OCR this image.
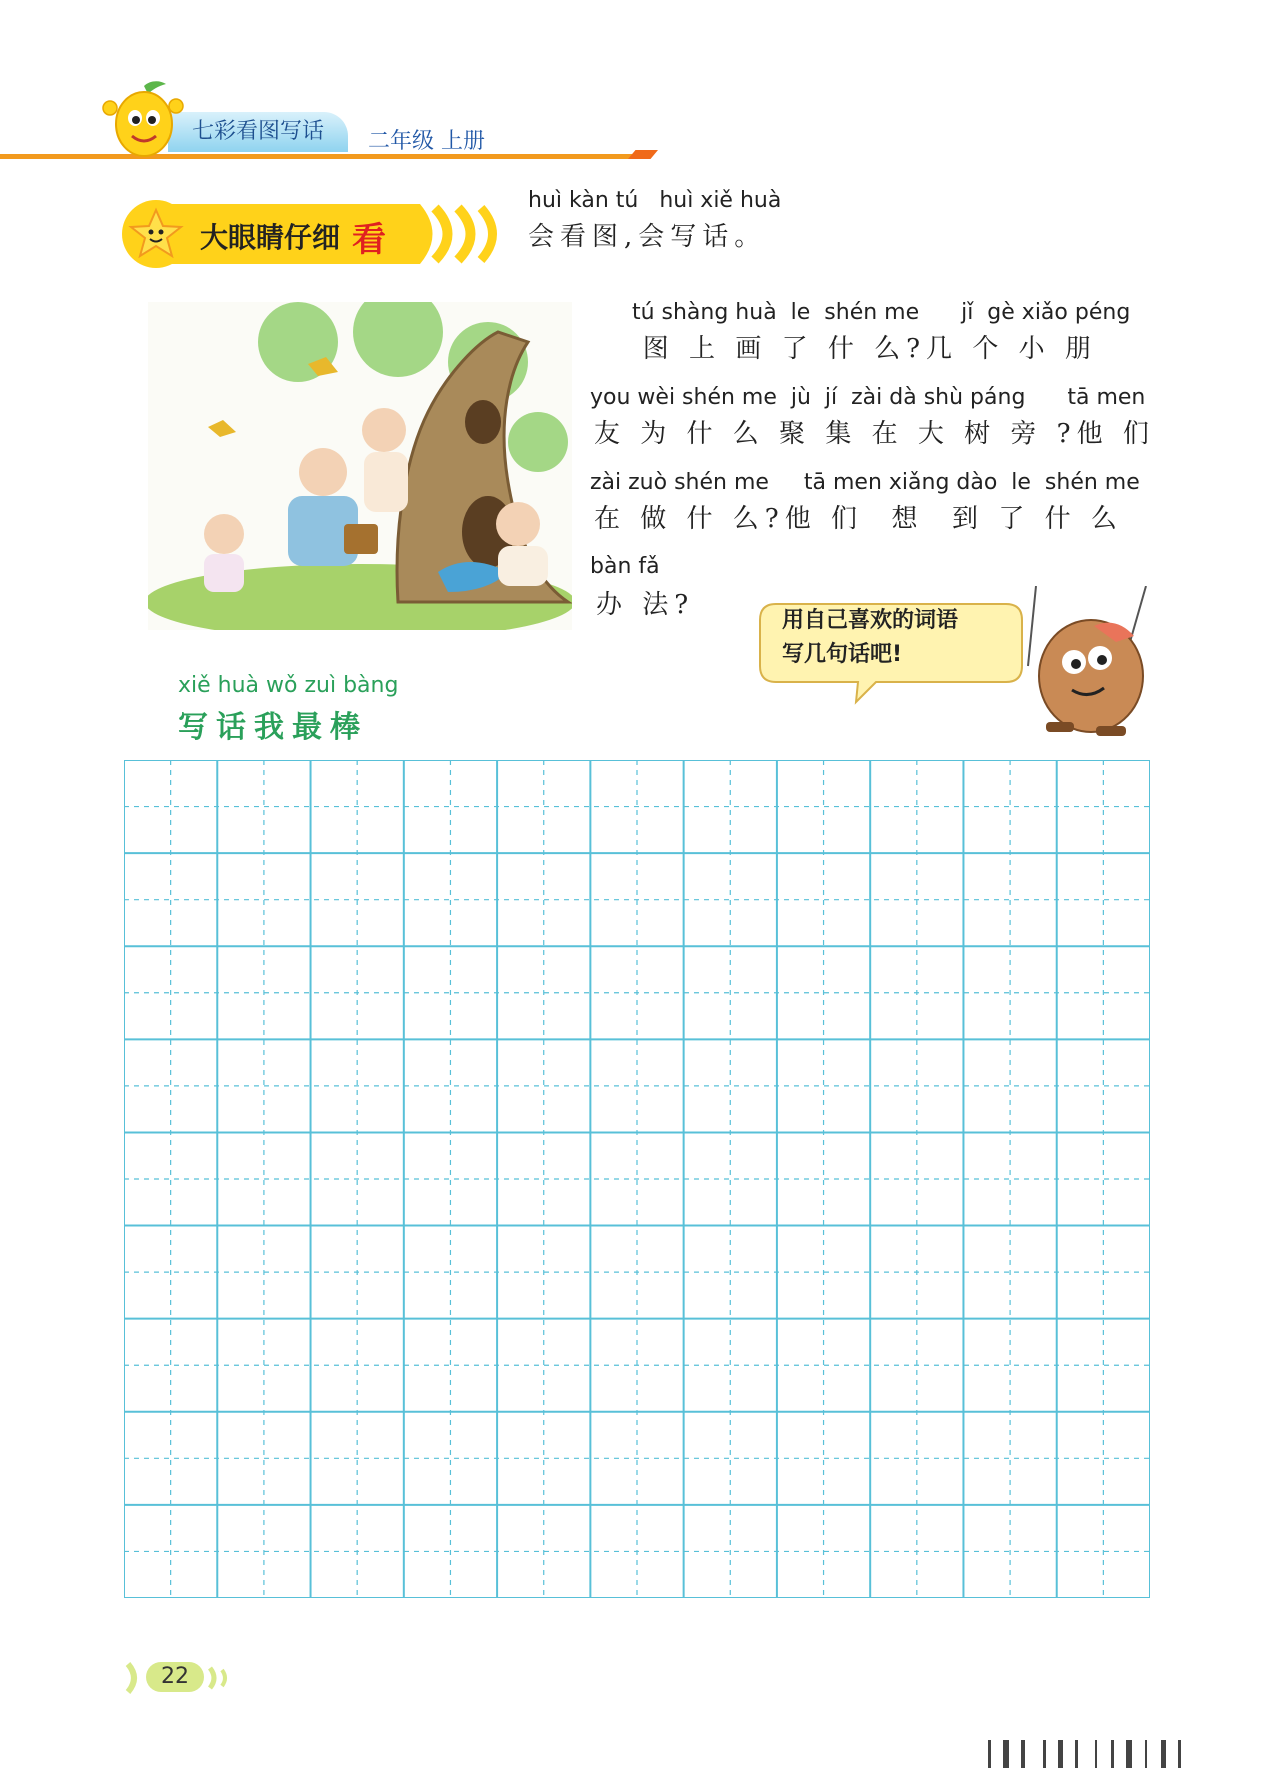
七彩看图写话	二年级 上册
大眼睛仔细 看
huì kàn tú   huì xiě huà
会看图,会写话。
tú shàng huà  le  shén me      jǐ  gè xiǎo péng
图 上 画 了 什 么?几 个 小 朋
you wèi shén me  jù  jí  zài dà shù páng      tā men
友 为 什 么 聚 集 在 大 树 旁 ?他 们
zài zuò shén me     tā men xiǎng dào  le  shén me
在 做 什 么?他 们  想  到 了 什 么
bàn fǎ
办 法?
用自己喜欢的词语
写几句话吧!
xiě huà wǒ zuì bàng
写话我最棒
22
